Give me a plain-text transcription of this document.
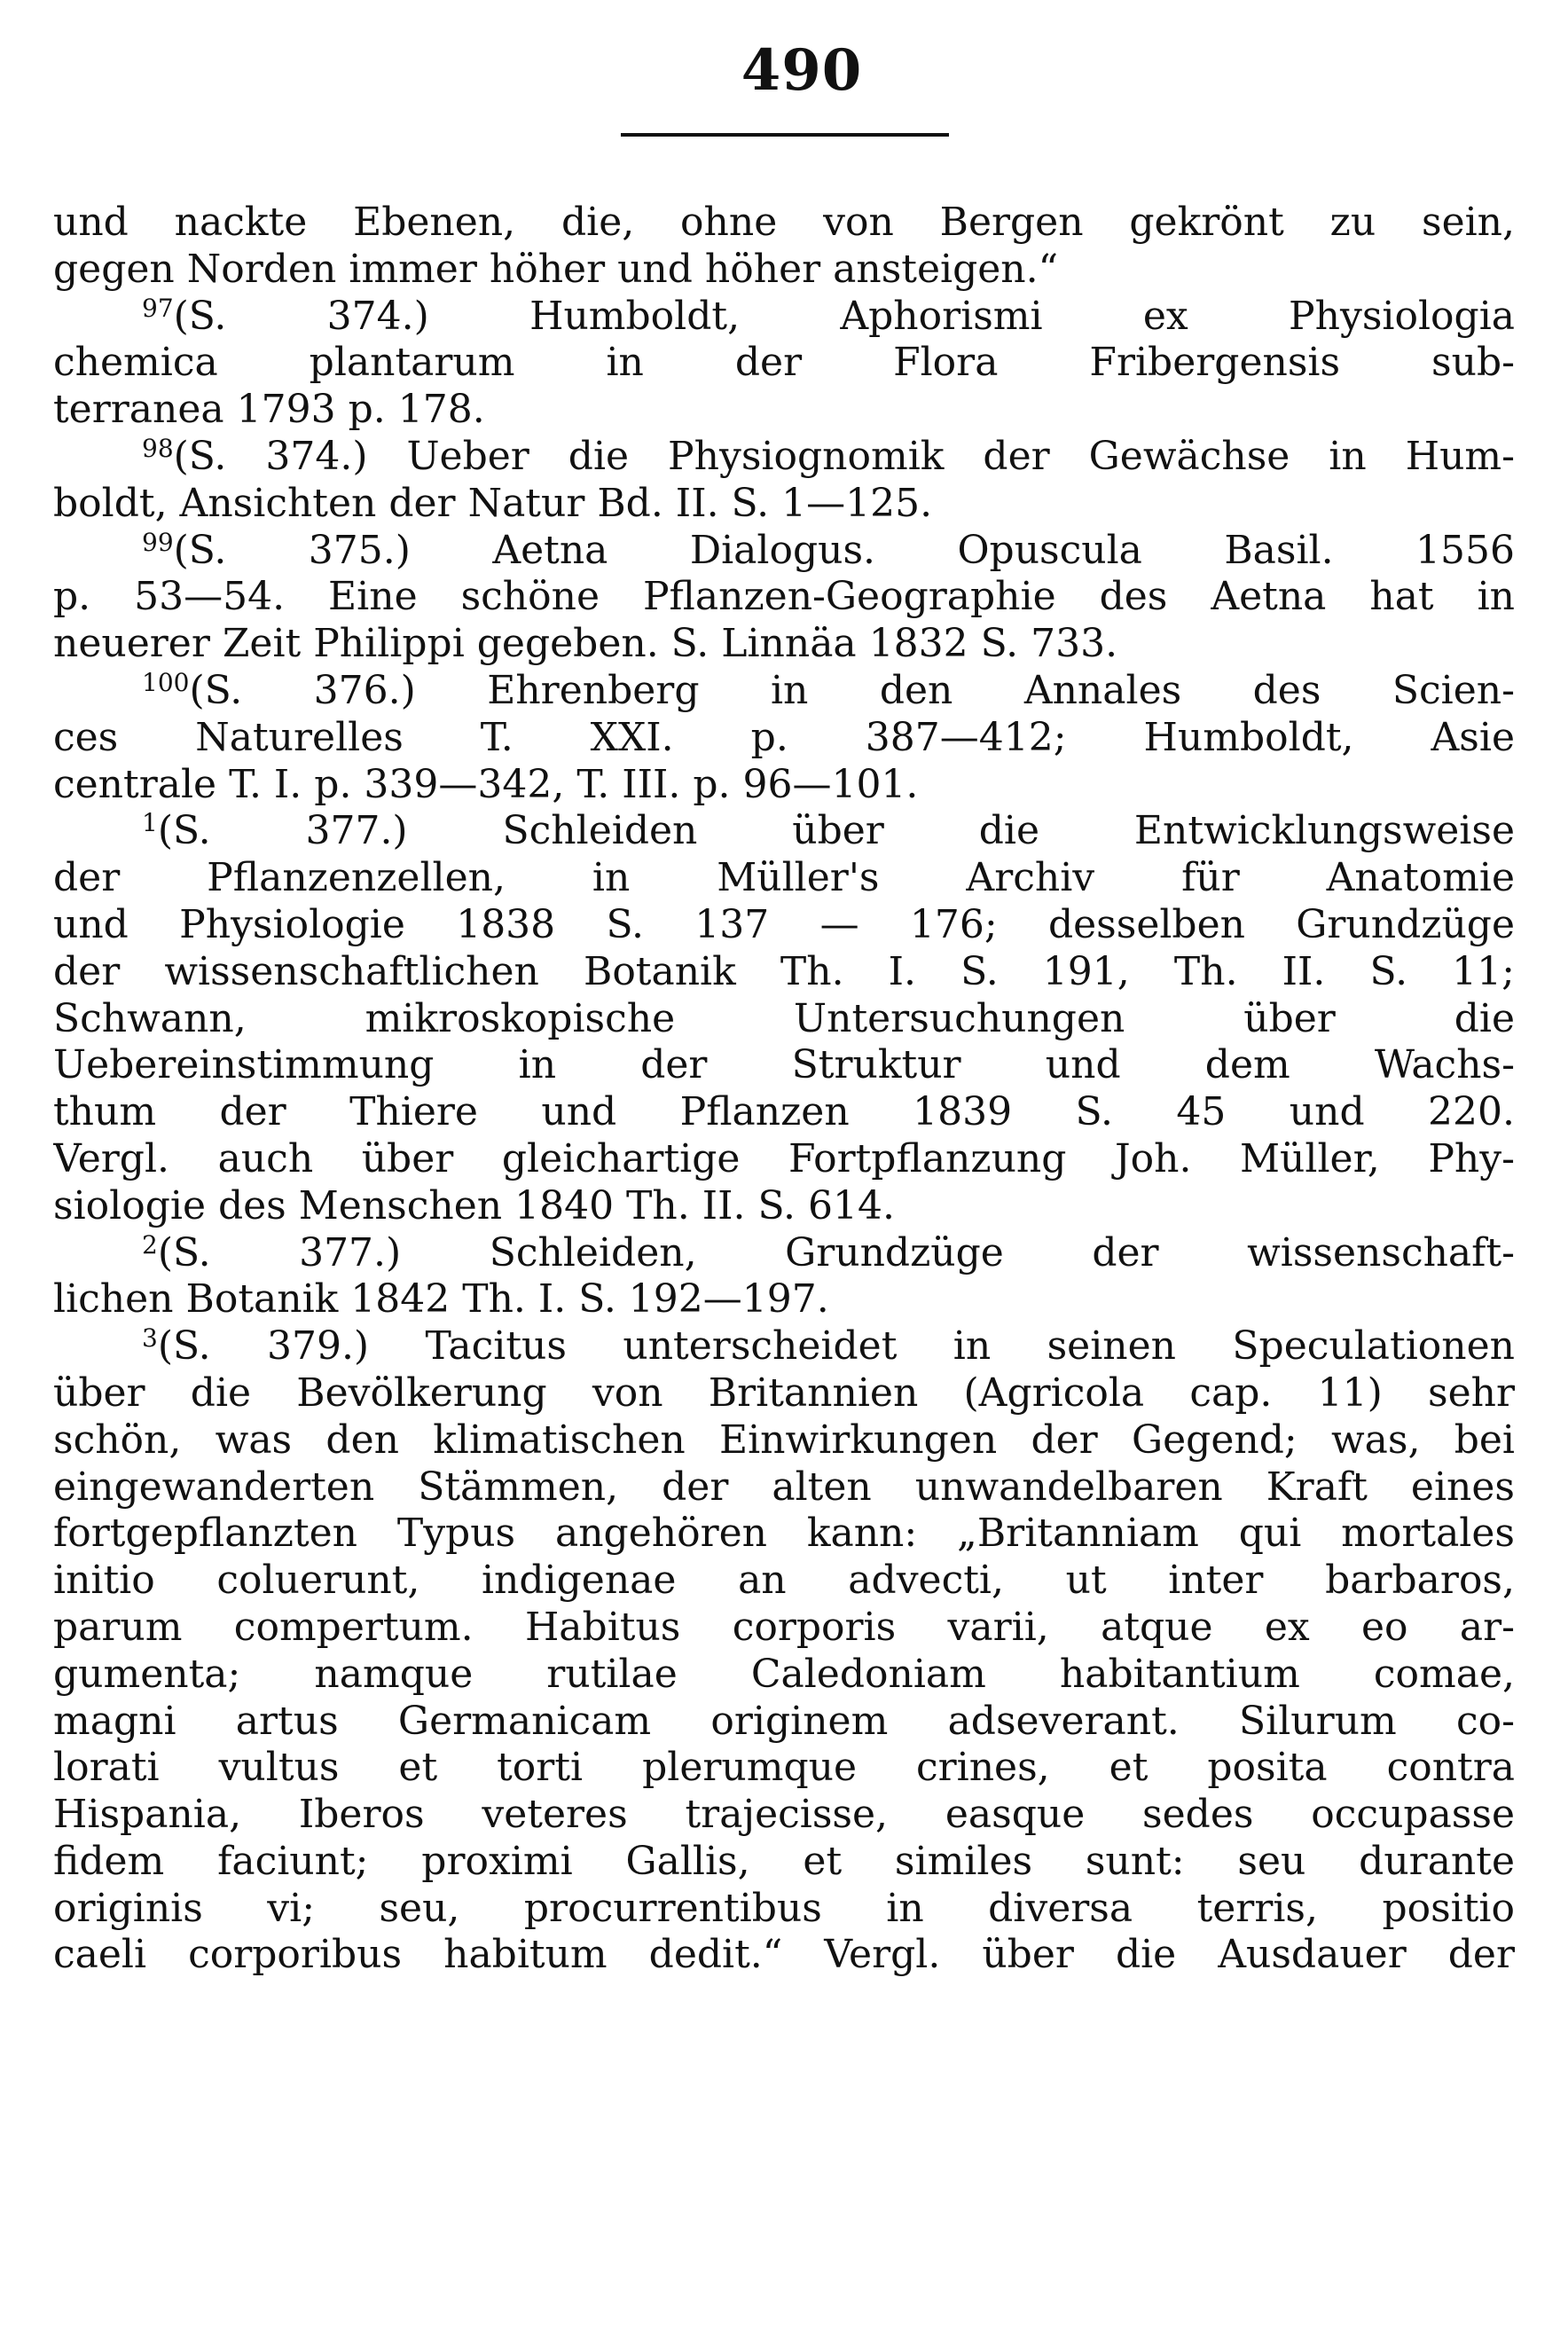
490
und nackte Ebenen, die, ohne von Bergen gekrönt zu sein,
gegen Norden immer höher und höher ansteigen.“
$^{97}$(S. 374.) Humboldt, Aphorismi ex Physiologia
chemica plantarum in der Flora Fribergensis sub-
terranea 1793 p. 178.
$^{98}$(S. 374.) Ueber die Physiognomik der Gewächse in Hum-
boldt, Ansichten der Natur Bd. II. S. 1—125.
$^{99}$(S. 375.) Aetna Dialogus. Opuscula Basil. 1556
p. 53—54. Eine schöne Pflanzen-Geographie des Aetna hat in
neuerer Zeit Philippi gegeben. S. Linnäa 1832 S. 733.
$^{100}$(S. 376.) Ehrenberg in den Annales des Scien-
ces Naturelles T. XXI. p. 387—412; Humboldt, Asie
centrale T. I. p. 339—342, T. III. p. 96—101.
$^1$(S. 377.) Schleiden über die Entwicklungsweise
der Pflanzenzellen, in Müller's Archiv für Anatomie
und Physiologie 1838 S. 137 — 176; desselben Grundzüge
der wissenschaftlichen Botanik Th. I. S. 191, Th. II. S. 11;
Schwann, mikroskopische Untersuchungen über die
Uebereinstimmung in der Struktur und dem Wachs-
thum der Thiere und Pflanzen 1839 S. 45 und 220.
Vergl. auch über gleichartige Fortpflanzung Joh. Müller, Phy-
siologie des Menschen 1840 Th. II. S. 614.
$^2$(S. 377.) Schleiden, Grundzüge der wissenschaft-
lichen Botanik 1842 Th. I. S. 192—197.
$^3$(S. 379.) Tacitus unterscheidet in seinen Speculationen
über die Bevölkerung von Britannien (Agricola cap. 11) sehr
schön, was den klimatischen Einwirkungen der Gegend; was, bei
eingewanderten Stämmen, der alten unwandelbaren Kraft eines
fortgepflanzten Typus angehören kann: „Britanniam qui mortales
initio coluerunt, indigenae an advecti, ut inter barbaros,
parum compertum. Habitus corporis varii, atque ex eo ar-
gumenta; namque rutilae Caledoniam habitantium comae,
magni artus Germanicam originem adseverant. Silurum co-
lorati vultus et torti plerumque crines, et posita contra
Hispania, Iberos veteres trajecisse, easque sedes occupasse
fidem faciunt; proximi Gallis, et similes sunt: seu durante
originis vi; seu, procurrentibus in diversa terris, positio
caeli corporibus habitum dedit.“ Vergl. über die Ausdauer der
